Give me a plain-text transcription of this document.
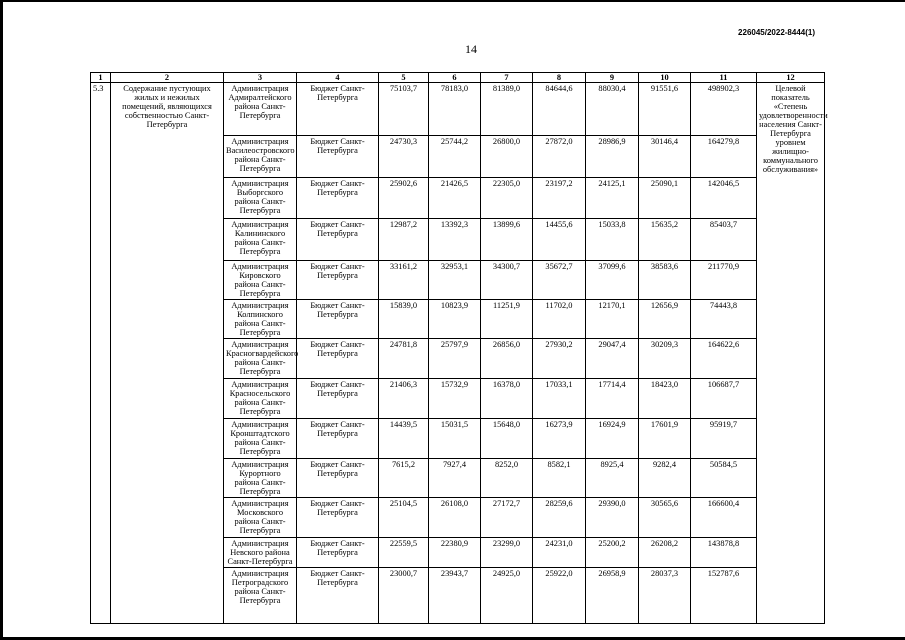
226045/2022-8444(1)
14
1	2	3	4	5	6	7	8	9	10	11	12
5.3	Содержание пустующих жилых и нежилых помещений, являющихся собственностью Санкт-Петербурга	Администрация Адмиралтейского района Санкт-Петербурга	Бюджет Санкт-Петербурга	75103,7	78183,0	81389,0	84644,6	88030,4	91551,6	498902,3	Целевой показатель «Степень удовлетворенности населения Санкт-Петербурга уровнем жилищно-коммунального обслуживания»
		Администрация Василеостровского района Санкт-Петербурга	Бюджет Санкт-Петербурга	24730,3	25744,2	26800,0	27872,0	28986,9	30146,4	164279,8	
		Администрация Выборгского района Санкт-Петербурга	Бюджет Санкт-Петербурга	25902,6	21426,5	22305,0	23197,2	24125,1	25090,1	142046,5	
		Администрация Калининского района Санкт-Петербурга	Бюджет Санкт-Петербурга	12987,2	13392,3	13899,6	14455,6	15033,8	15635,2	85403,7	
		Администрация Кировского района Санкт-Петербурга	Бюджет Санкт-Петербурга	33161,2	32953,1	34300,7	35672,7	37099,6	38583,6	211770,9	
		Администрация Колпинского района Санкт-Петербурга	Бюджет Санкт-Петербурга	15839,0	10823,9	11251,9	11702,0	12170,1	12656,9	74443,8	
		Администрация Красногвардейского района Санкт-Петербурга	Бюджет Санкт-Петербурга	24781,8	25797,9	26856,0	27930,2	29047,4	30209,3	164622,6	
		Администрация Красносельского района Санкт-Петербурга	Бюджет Санкт-Петербурга	21406,3	15732,9	16378,0	17033,1	17714,4	18423,0	106687,7	
		Администрация Кронштадтского района Санкт-Петербурга	Бюджет Санкт-Петербурга	14439,5	15031,5	15648,0	16273,9	16924,9	17601,9	95919,7	
		Администрация Курортного района Санкт-Петербурга	Бюджет Санкт-Петербурга	7615,2	7927,4	8252,0	8582,1	8925,4	9282,4	50584,5	
		Администрация Московского района Санкт-Петербурга	Бюджет Санкт-Петербурга	25104,5	26108,0	27172,7	28259,6	29390,0	30565,6	166600,4	
		Администрация Невского района Санкт-Петербурга	Бюджет Санкт-Петербурга	22559,5	22380,9	23299,0	24231,0	25200,2	26208,2	143878,8	
		Администрация Петроградского района Санкт-Петербурга	Бюджет Санкт-Петербурга	23000,7	23943,7	24925,0	25922,0	26958,9	28037,3	152787,6	
